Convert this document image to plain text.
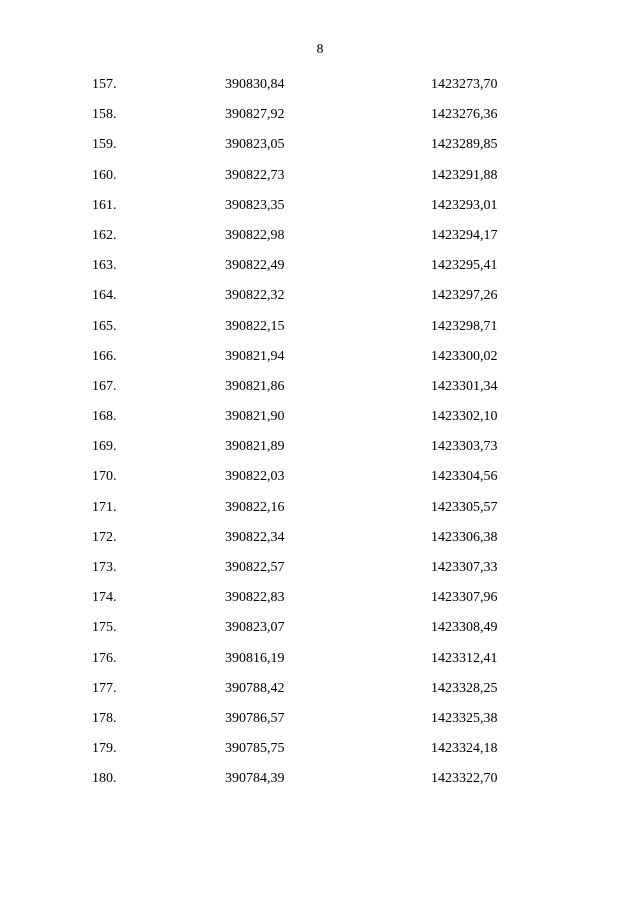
8
157.	390830,84	1423273,70
158.	390827,92	1423276,36
159.	390823,05	1423289,85
160.	390822,73	1423291,88
161.	390823,35	1423293,01
162.	390822,98	1423294,17
163.	390822,49	1423295,41
164.	390822,32	1423297,26
165.	390822,15	1423298,71
166.	390821,94	1423300,02
167.	390821,86	1423301,34
168.	390821,90	1423302,10
169.	390821,89	1423303,73
170.	390822,03	1423304,56
171.	390822,16	1423305,57
172.	390822,34	1423306,38
173.	390822,57	1423307,33
174.	390822,83	1423307,96
175.	390823,07	1423308,49
176.	390816,19	1423312,41
177.	390788,42	1423328,25
178.	390786,57	1423325,38
179.	390785,75	1423324,18
180.	390784,39	1423322,70
